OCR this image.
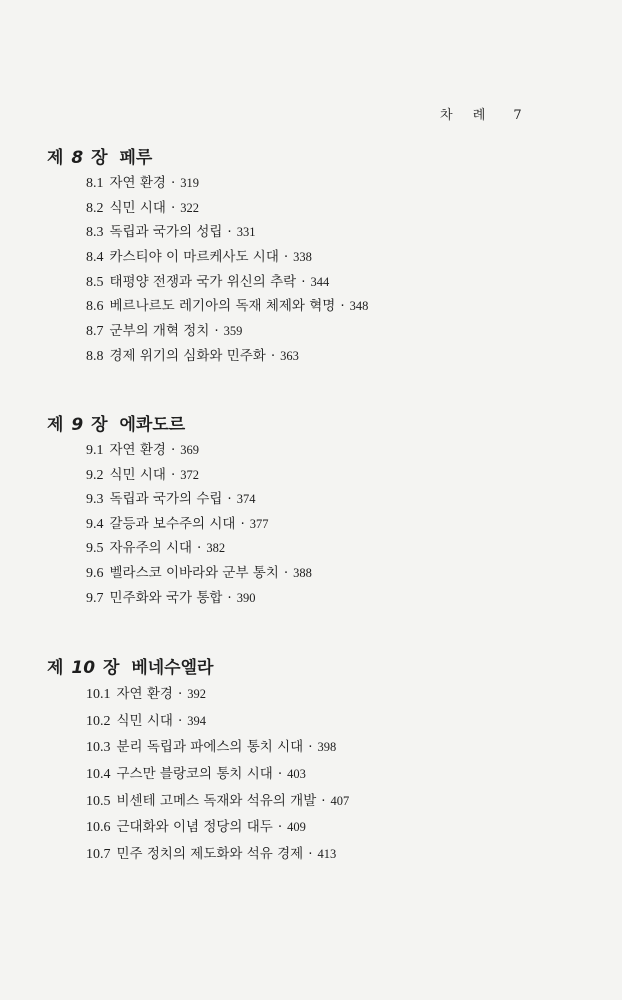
차 례 7
제 8 장 페루
8.1 자연 환경 · 319
8.2 식민 시대 · 322
8.3 독립과 국가의 성립 · 331
8.4 카스티야 이 마르케사도 시대 · 338
8.5 태평양 전쟁과 국가 위신의 추락 · 344
8.6 베르나르도 레기아의 독재 체제와 혁명 · 348
8.7 군부의 개혁 정치 · 359
8.8 경제 위기의 심화와 민주화 · 363
제 9 장 에콰도르
9.1 자연 환경 · 369
9.2 식민 시대 · 372
9.3 독립과 국가의 수립 · 374
9.4 갈등과 보수주의 시대 · 377
9.5 자유주의 시대 · 382
9.6 벨라스코 이바라와 군부 통치 · 388
9.7 민주화와 국가 통합 · 390
제 10 장 베네수엘라
10.1 자연 환경 · 392
10.2 식민 시대 · 394
10.3 분리 독립과 파에스의 통치 시대 · 398
10.4 구스만 블랑코의 통치 시대 · 403
10.5 비센테 고메스 독재와 석유의 개발 · 407
10.6 근대화와 이념 정당의 대두 · 409
10.7 민주 정치의 제도화와 석유 경제 · 413
